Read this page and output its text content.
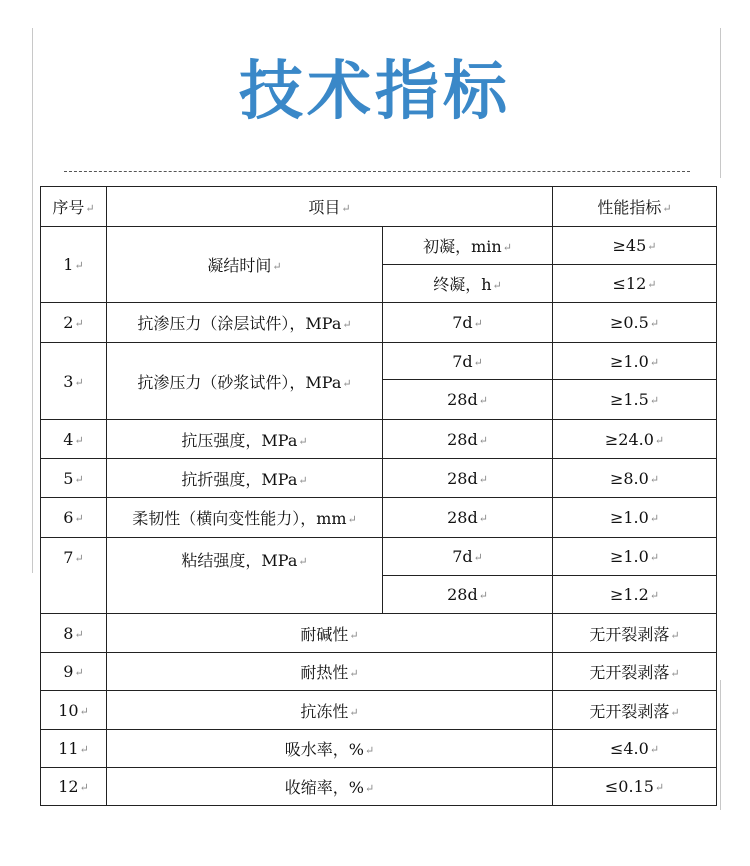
技术指标
序号↵	项目↵		性能指标↵
1↵	凝结时间↵	初凝，min↵	≥45↵
		终凝，h↵	≤12↵
2↵	抗渗压力（涂层试件），MPa↵	7d↵	≥0.5↵
3↵	抗渗压力（砂浆试件），MPa↵	7d↵	≥1.0↵
		28d↵	≥1.5↵
4↵	抗压强度，MPa↵	28d↵	≥24.0↵
5↵	抗折强度，MPa↵	28d↵	≥8.0↵
6↵	柔韧性（横向变性能力），mm↵	28d↵	≥1.0↵
7↵	粘结强度，MPa↵	7d↵	≥1.0↵
		28d↵	≥1.2↵
8↵	耐碱性↵		无开裂剥落↵
9↵	耐热性↵		无开裂剥落↵
10↵	抗冻性↵		无开裂剥落↵
11↵	吸水率，%↵		≤4.0↵
12↵	收缩率，%↵		≤0.15↵
